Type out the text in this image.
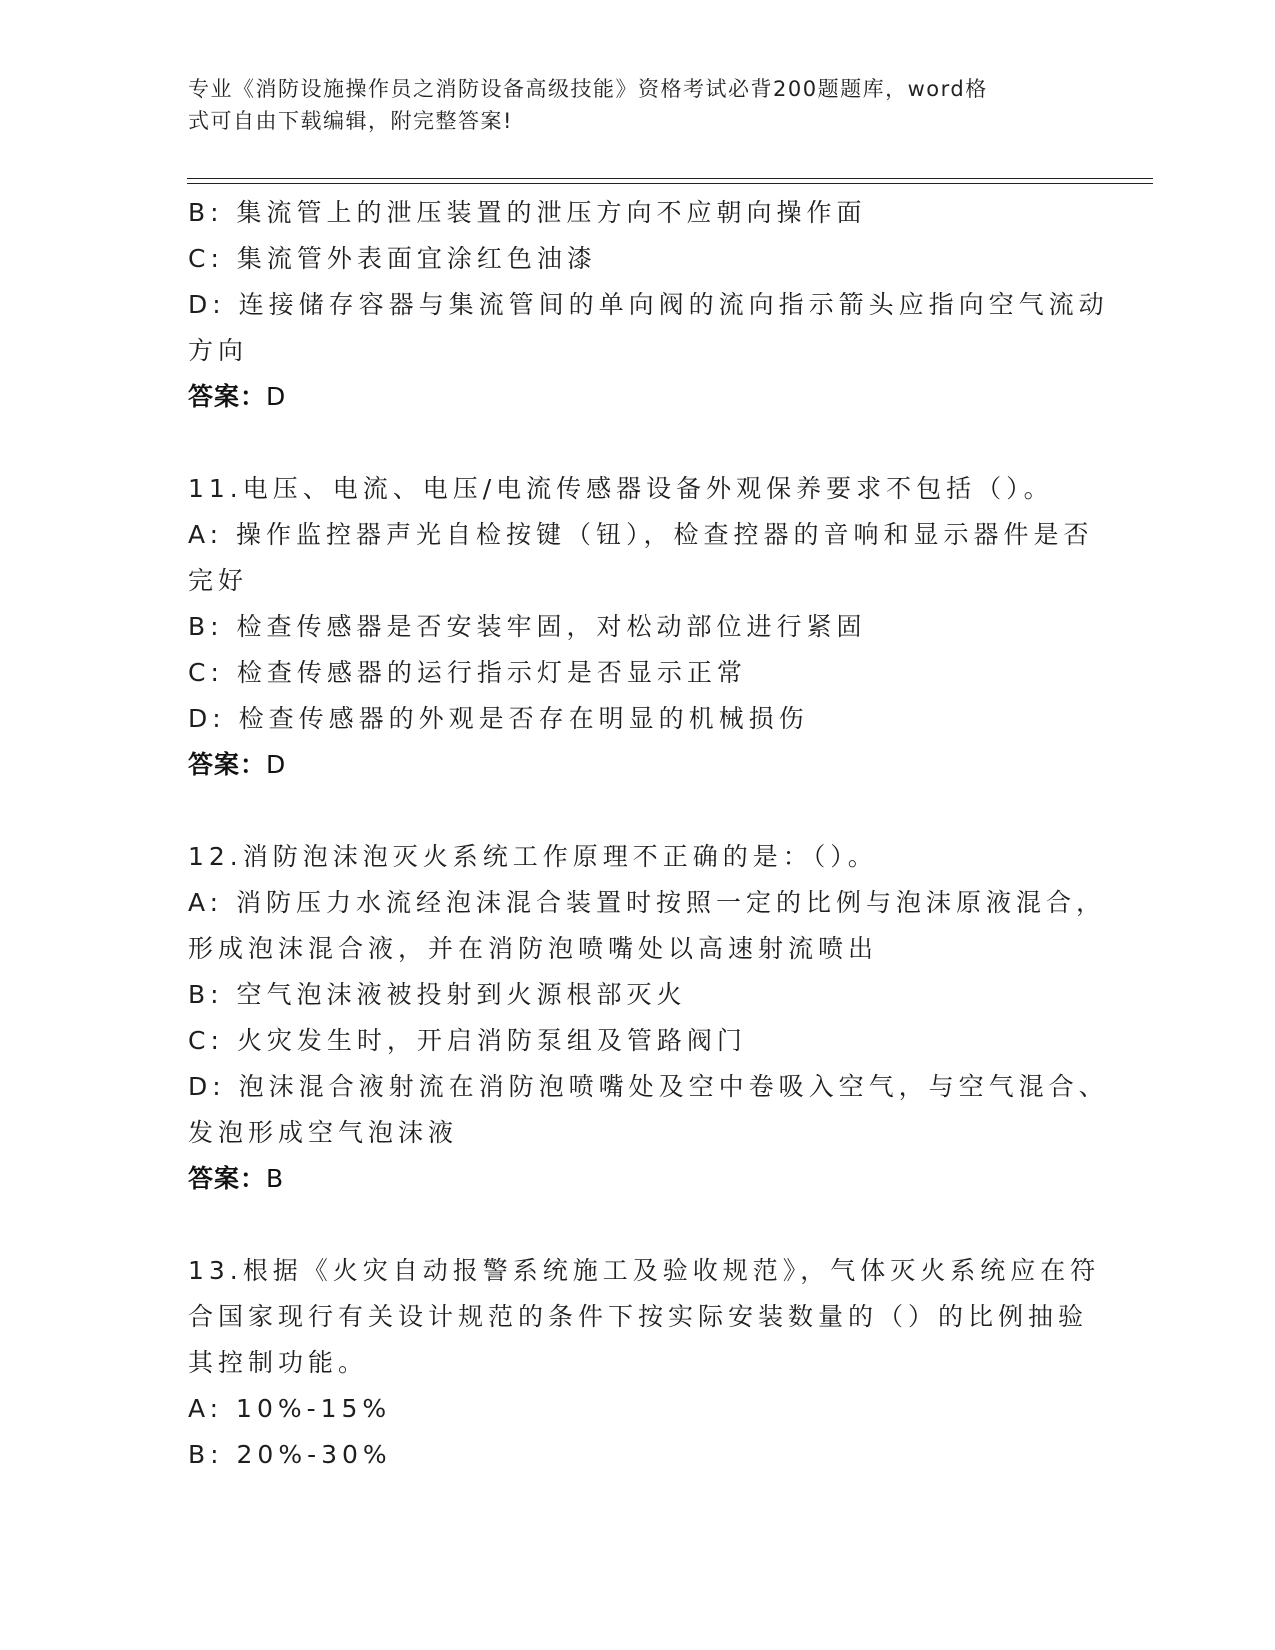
专业《消防设施操作员之消防设备高级技能》资格考试必背200题题库，word格
式可自由下载编辑，附完整答案!
B: 集流管上的泄压装置的泄压方向不应朝向操作面
C: 集流管外表面宜涂红色油漆
D: 连接储存容器与集流管间的单向阀的流向指示箭头应指向空气流动
方向
答案：D
11.电压、电流、电压/电流传感器设备外观保养要求不包括（）。
A: 操作监控器声光自检按键（钮），检查控器的音响和显示器件是否
完好
B: 检查传感器是否安装牢固，对松动部位进行紧固
C: 检查传感器的运行指示灯是否显示正常
D: 检查传感器的外观是否存在明显的机械损伤
答案：D
12.消防泡沫泡灭火系统工作原理不正确的是：（）。
A: 消防压力水流经泡沫混合装置时按照一定的比例与泡沫原液混合，
形成泡沫混合液，并在消防泡喷嘴处以高速射流喷出
B: 空气泡沫液被投射到火源根部灭火
C: 火灾发生时，开启消防泵组及管路阀门
D: 泡沫混合液射流在消防泡喷嘴处及空中卷吸入空气，与空气混合、
发泡形成空气泡沫液
答案：B
13.根据《火灾自动报警系统施工及验收规范》，气体灭火系统应在符
合国家现行有关设计规范的条件下按实际安装数量的（）的比例抽验
其控制功能。
A: 10%-15%
B: 20%-30%
